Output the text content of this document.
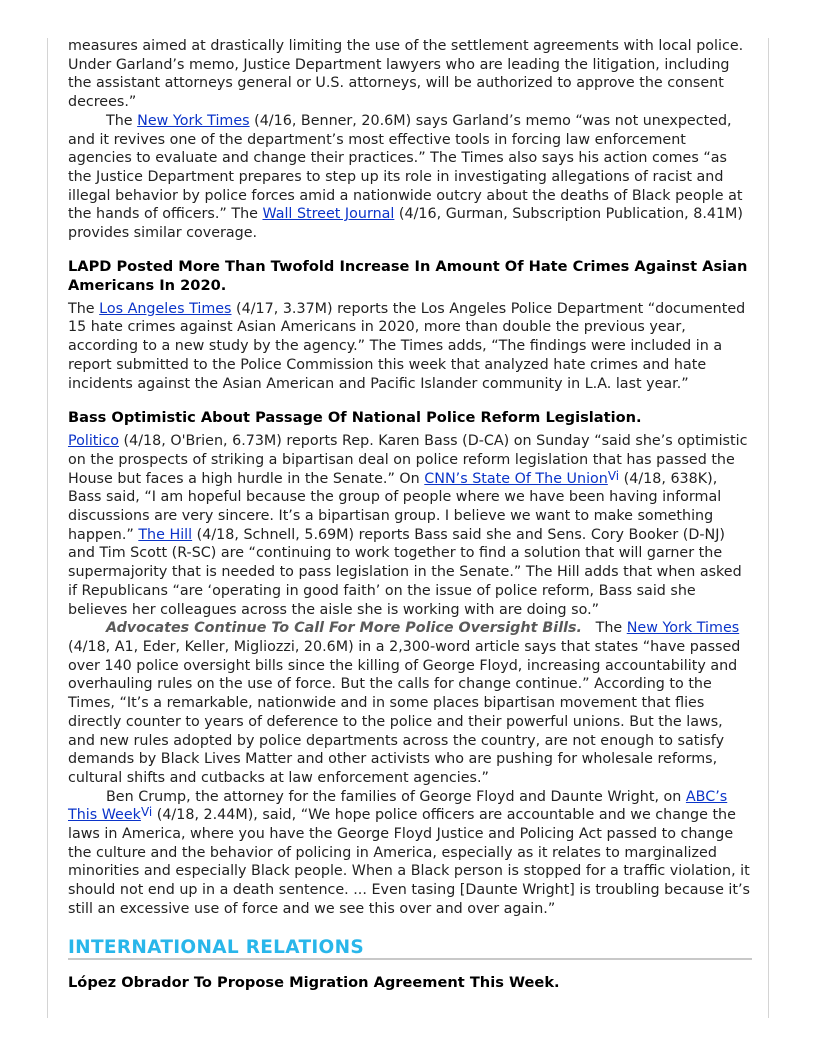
measures aimed at drastically limiting the use of the settlement agreements with local police. Under Garland’s memo, Justice Department lawyers who are leading the litigation, including the assistant attorneys general or U.S. attorneys, will be authorized to approve the consent decrees.”

The New York Times (4/16, Benner, 20.6M) says Garland’s memo “was not unexpected, and it revives one of the department’s most effective tools in forcing law enforcement agencies to evaluate and change their practices.” The Times also says his action comes “as the Justice Department prepares to step up its role in investigating allegations of racist and illegal behavior by police forces amid a nationwide outcry about the deaths of Black people at the hands of officers.” The Wall Street Journal (4/16, Gurman, Subscription Publication, 8.41M) provides similar coverage.

LAPD Posted More Than Twofold Increase In Amount Of Hate Crimes Against Asian Americans In 2020.

The Los Angeles Times (4/17, 3.37M) reports the Los Angeles Police Department “documented 15 hate crimes against Asian Americans in 2020, more than double the previous year, according to a new study by the agency.” The Times adds, “The findings were included in a report submitted to the Police Commission this week that analyzed hate crimes and hate incidents against the Asian American and Pacific Islander community in L.A. last year.”

Bass Optimistic About Passage Of National Police Reform Legislation.

Politico (4/18, O'Brien, 6.73M) reports Rep. Karen Bass (D-CA) on Sunday “said she’s optimistic on the prospects of striking a bipartisan deal on police reform legislation that has passed the House but faces a high hurdle in the Senate.” On CNN’s State Of The Union$^{Vi}$ (4/18, 638K), Bass said, “I am hopeful because the group of people where we have been having informal discussions are very sincere. It’s a bipartisan group. I believe we want to make something happen.” The Hill (4/18, Schnell, 5.69M) reports Bass said she and Sens. Cory Booker (D-NJ) and Tim Scott (R-SC) are “continuing to work together to find a solution that will garner the supermajority that is needed to pass legislation in the Senate.” The Hill adds that when asked if Republicans “are ‘operating in good faith’ on the issue of police reform, Bass said she believes her colleagues across the aisle she is working with are doing so.”

Advocates Continue To Call For More Police Oversight Bills.   The New York Times (4/18, A1, Eder, Keller, Migliozzi, 20.6M) in a 2,300-word article says that states “have passed over 140 police oversight bills since the killing of George Floyd, increasing accountability and overhauling rules on the use of force. But the calls for change continue.” According to the Times, “It’s a remarkable, nationwide and in some places bipartisan movement that flies directly counter to years of deference to the police and their powerful unions. But the laws, and new rules adopted by police departments across the country, are not enough to satisfy demands by Black Lives Matter and other activists who are pushing for wholesale reforms, cultural shifts and cutbacks at law enforcement agencies.”

Ben Crump, the attorney for the families of George Floyd and Daunte Wright, on ABC’s This Week$^{Vi}$ (4/18, 2.44M), said, “We hope police officers are accountable and we change the laws in America, where you have the George Floyd Justice and Policing Act passed to change the culture and the behavior of policing in America, especially as it relates to marginalized minorities and especially Black people. When a Black person is stopped for a traffic violation, it should not end up in a death sentence. ... Even tasing [Daunte Wright] is troubling because it’s still an excessive use of force and we see this over and over again.”

INTERNATIONAL RELATIONS
López Obrador To Propose Migration Agreement This Week.
